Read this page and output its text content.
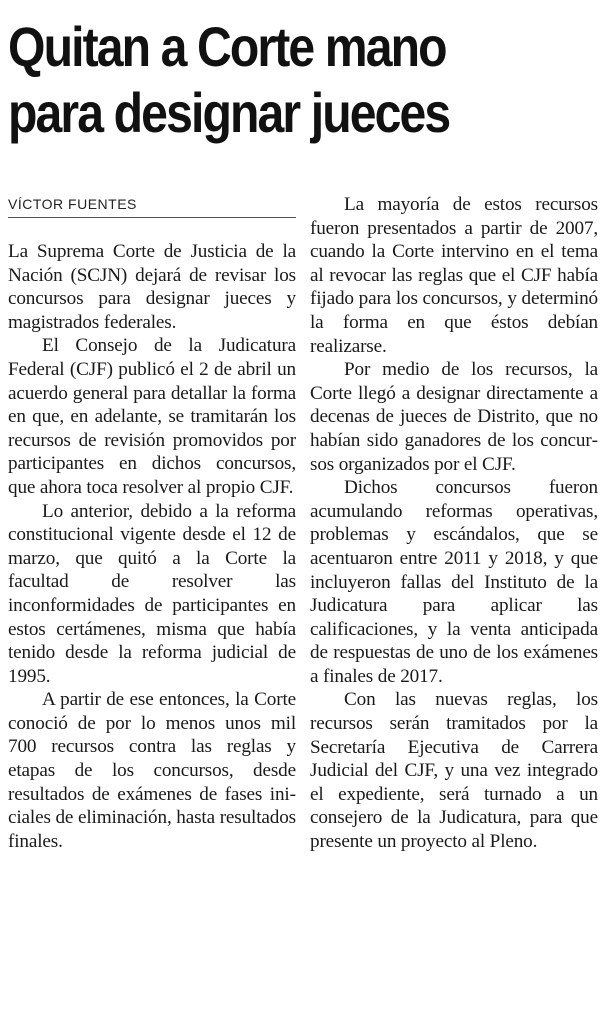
Quitan a Corte mano para designar jueces
VÍCTOR FUENTES

La Suprema Corte de Justicia de la Nación (SCJN) dejará de revisar los concursos para designar jueces y magistrados federales.

El Consejo de la Judicatura Federal (CJF) publicó el 2 de abril un acuerdo general para detallar la forma en que, en adelante, se tramitarán los recursos de revisión promovidos por participantes en dichos concursos, que ahora toca resolver al propio CJF.

Lo anterior, debido a la reforma constitucional vigente desde el 12 de marzo, que quitó a la Corte la facultad de resolver las inconformidades de participantes en estos certámenes, misma que había tenido desde la reforma judicial de 1995.

A partir de ese entonces, la Corte conoció de por lo menos unos mil 700 recursos contra las reglas y etapas de los concursos, desde resultados de exámenes de fases iniciales de eliminación, hasta resultados finales.

La mayoría de estos recursos fueron presentados a partir de 2007, cuando la Corte intervino en el tema al revocar las reglas que el CJF había fijado para los concursos, y determinó la forma en que éstos debían realizarse.

Por medio de los recursos, la Corte llegó a designar directamente a decenas de jueces de Distrito, que no habían sido ganadores de los concursos organizados por el CJF.

Dichos concursos fueron acumulando reformas operativas, problemas y escándalos, que se acentuaron entre 2011 y 2018, y que incluyeron fallas del Instituto de la Judicatura para aplicar las calificaciones, y la venta anticipada de respuestas de uno de los exámenes a finales de 2017.

Con las nuevas reglas, los recursos serán tramitados por la Secretaría Ejecutiva de Carrera Judicial del CJF, y una vez integrado el expediente, será turnado a un consejero de la Judicatura, para que presente un proyecto al Pleno.
